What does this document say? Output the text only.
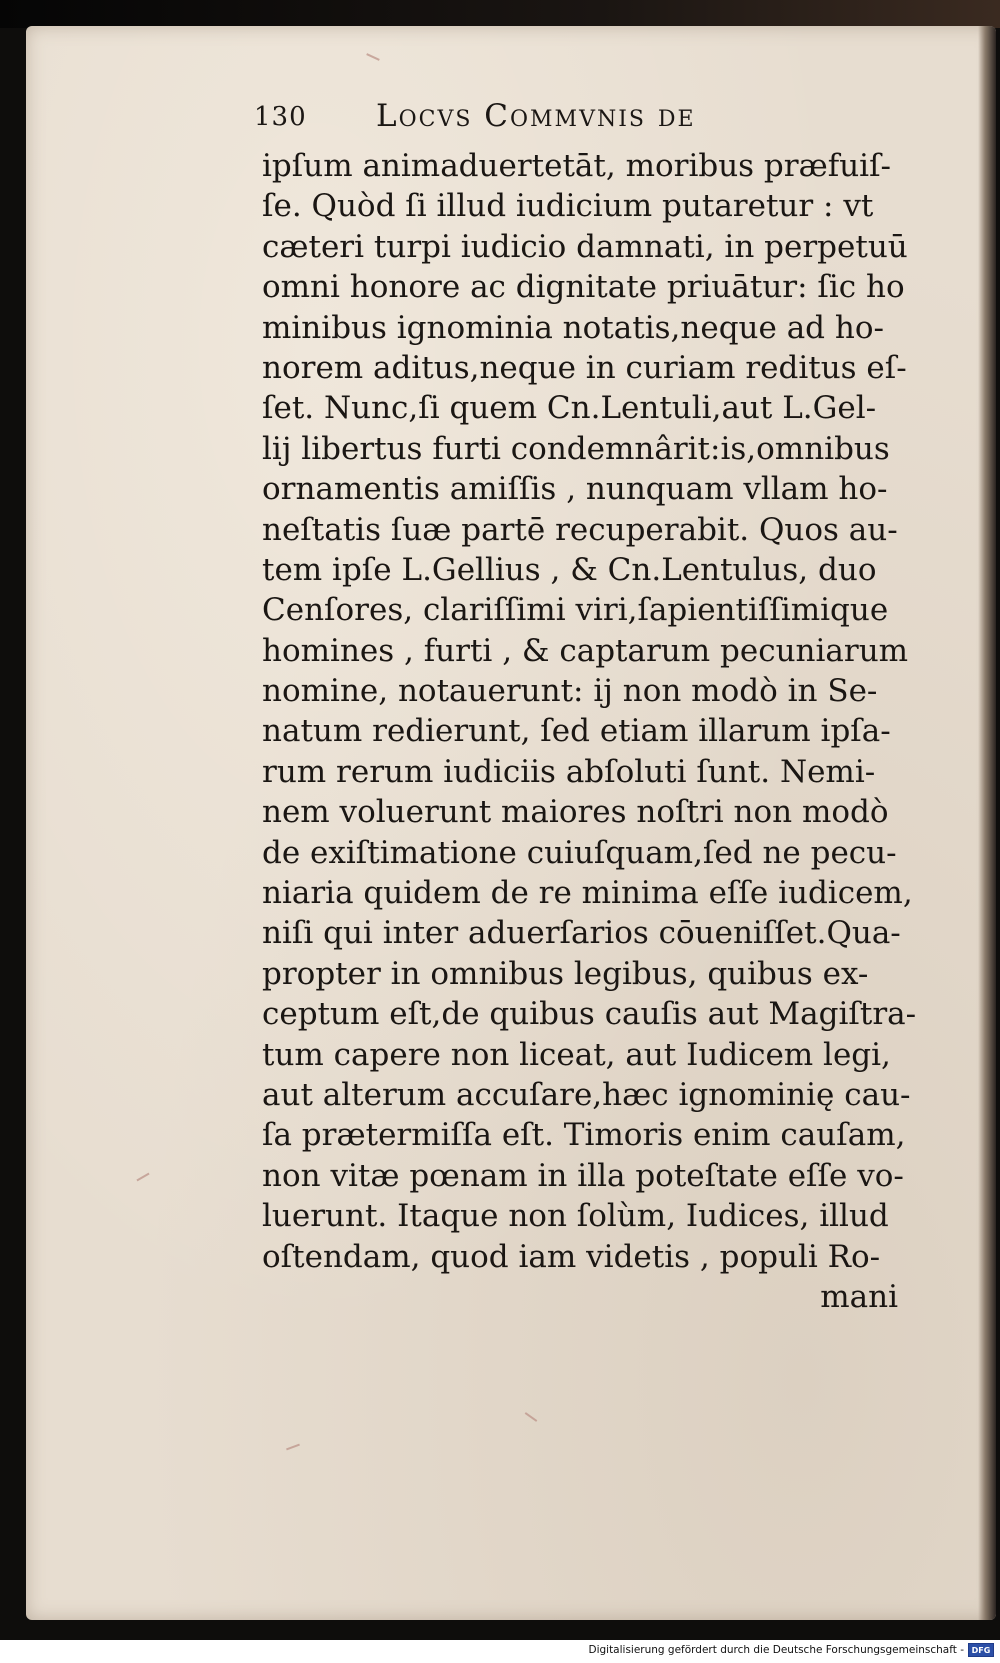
130 Locvs Commvnis de
ipſum animaduertetāt, moribus præfuiſ-
ſe. Quòd ſi illud iudicium putaretur : vt
cæteri turpi iudicio damnati, in perpetuū
omni honore ac dignitate priuātur: ſic ho
minibus ignominia notatis,neque ad ho-
norem aditus,neque in curiam reditus eſ-
ſet. Nunc,ſi quem Cn.Lentuli,aut L.Gel-
lij libertus furti condemnârit:is,omnibus
ornamentis amiſſis , nunquam vllam ho-
neſtatis ſuæ partē recuperabit. Quos au-
tem ipſe L.Gellius , & Cn.Lentulus, duo
Cenſores, clariſſimi viri,ſapientiſſimique
homines , furti , & captarum pecuniarum
nomine, notauerunt: ij non modò in Se-
natum redierunt, ſed etiam illarum ipſa-
rum rerum iudiciis abſoluti ſunt. Nemi-
nem voluerunt maiores noſtri non modò
de exiſtimatione cuiuſquam,ſed ne pecu-
niaria quidem de re minima eſſe iudicem,
niſi qui inter aduerſarios cōueniſſet.Qua-
propter in omnibus legibus, quibus ex-
ceptum eſt,de quibus cauſis aut Magiſtra-
tum capere non liceat, aut Iudicem legi,
aut alterum accuſare,hæc ignominię cau-
ſa prætermiſſa eſt. Timoris enim cauſam,
non vitæ pœnam in illa poteſtate eſſe vo-
luerunt. Itaque non ſolùm, Iudices, illud
oſtendam, quod iam videtis , populi Ro-
mani
Digitalisierung gefördert durch die Deutsche Forschungsgemeinschaft - DFG
